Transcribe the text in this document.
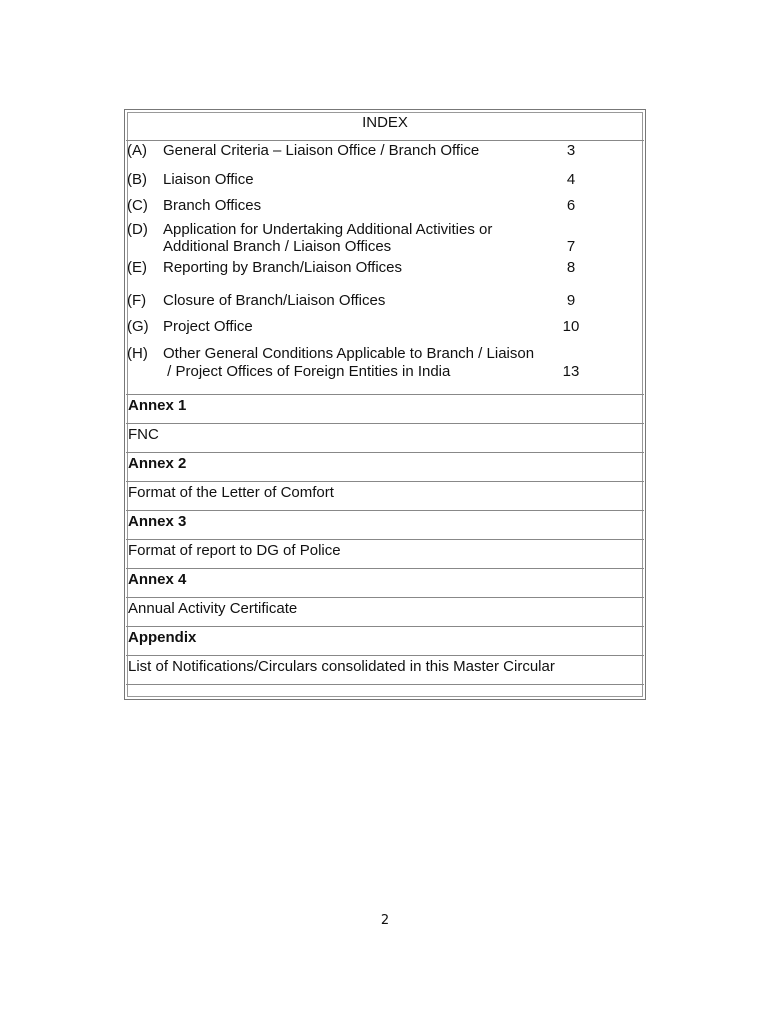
INDEX
(A) General Criteria – Liaison Office / Branch Office	3
(B) Liaison Office	4
(C) Branch Offices	6
(D) Application for Undertaking Additional Activities or
Additional Branch / Liaison Offices	7
(E) Reporting by Branch/Liaison Offices	8
(F) Closure of Branch/Liaison Offices	9
(G) Project Office	10
(H) Other General Conditions Applicable to Branch / Liaison
/ Project Offices of Foreign Entities in India	13
Annex 1
FNC
Annex 2
Format of the Letter of Comfort
Annex 3
Format of report to DG of Police
Annex 4
Annual Activity Certificate
Appendix
List of Notifications/Circulars consolidated in this Master Circular
2
